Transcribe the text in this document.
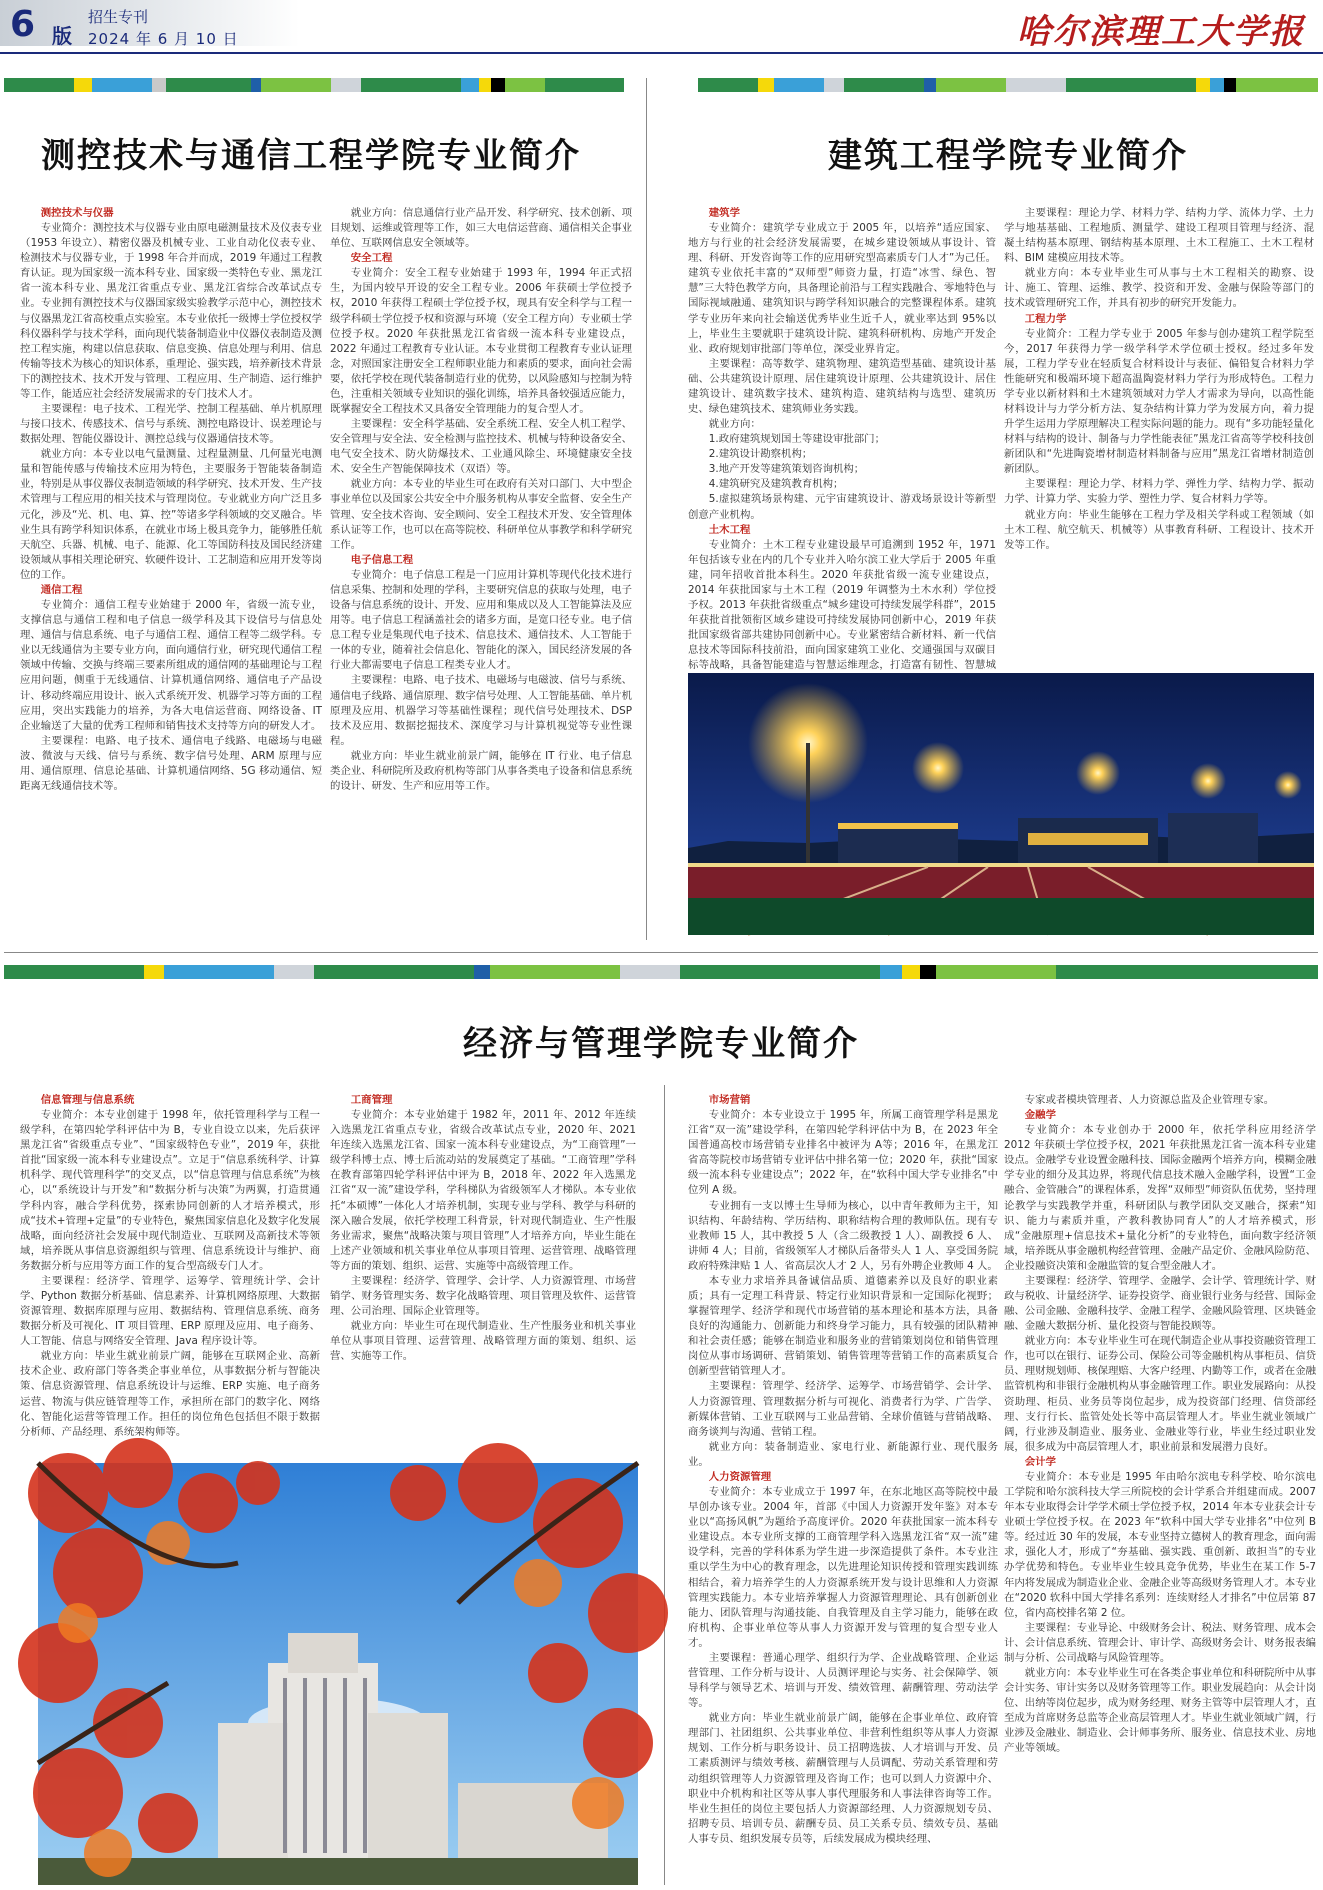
6 版
招生专刊
2024 年 6 月 10 日	哈尔滨理工大学报
测控技术与通信工程学院专业简介

测控技术与仪器

专业简介：测控技术与仪器专业由原电磁测量技术及仪表专业（1953 年设立）、精密仪器及机械专业、工业自动化仪表专业、检测技术与仪器专业，于 1998 年合并而成，2019 年通过工程教育认证。现为国家级一流本科专业、国家级一类特色专业、黑龙江省一流本科专业、黑龙江省重点专业、黑龙江省综合改革试点专业。专业拥有测控技术与仪器国家级实验教学示范中心，测控技术与仪器黑龙江省高校重点实验室。本专业依托一级博士学位授权学科仪器科学与技术学科，面向现代装备制造业中仪器仪表制造及测控工程实施，构建以信息获取、信息变换、信息处理与利用、信息传输等技术为核心的知识体系，重理论、强实践，培养新技术背景下的测控技术、技术开发与管理、工程应用、生产制造、运行维护等工作，能适应社会经济发展需求的专门技术人才。

主要课程：电子技术、工程光学、控制工程基础、单片机原理与接口技术、传感技术、信号与系统、测控电路设计、误差理论与数据处理、智能仪器设计、测控总线与仪器通信技术等。

就业方向：本专业以电气量测量、过程量测量、几何量光电测量和智能传感与传输技术应用为特色，主要服务于智能装备制造业，特别是从事仪器仪表制造领域的科学研究、技术开发、生产技术管理与工程应用的相关技术与管理岗位。专业就业方向广泛且多元化，涉及“光、机、电、算、控”等诸多学科领域的交叉融合。毕业生具有跨学科知识体系，在就业市场上极具竞争力，能够胜任航天航空、兵器、机械、电子、能源、化工等国防科技及国民经济建设领域从事相关理论研究、软硬件设计、工艺制造和应用开发等岗位的工作。

通信工程

专业简介：通信工程专业始建于 2000 年，省级一流专业，支撑信息与通信工程和电子信息一级学科及其下设信号与信息处理、通信与信息系统、电子与通信工程、通信工程等二级学科。专业以无线通信为主要专业方向，面向通信行业，研究现代通信工程领域中传输、交换与终端三要素所组成的通信网的基础理论与工程应用问题，侧重于无线通信、计算机通信网络、通信电子产品设计、移动终端应用设计、嵌入式系统开发、机器学习等方面的工程应用，突出实践能力的培养，为各大电信运营商、网络设备、IT 企业输送了大量的优秀工程师和销售技术支持等方向的研发人才。

主要课程：电路、电子技术、通信电子线路、电磁场与电磁波、微波与天线、信号与系统、数字信号处理、ARM 原理与应用、通信原理、信息论基础、计算机通信网络、5G 移动通信、短距离无线通信技术等。

就业方向：信息通信行业产品开发、科学研究、技术创新、项目规划、运维或管理等工作，如三大电信运营商、通信相关企事业单位、互联网信息安全领域等。

安全工程

专业简介：安全工程专业始建于 1993 年，1994 年正式招生，为国内较早开设的安全工程专业。2006 年获硕士学位授予权，2010 年获得工程硕士学位授予权，现具有安全科学与工程一级学科硕士学位授予权和资源与环境（安全工程方向）专业硕士学位授予权。2020 年获批黑龙江省省级一流本科专业建设点，2022 年通过工程教育专业认证。本专业贯彻工程教育专业认证理念，对照国家注册安全工程师职业能力和素质的要求，面向社会需要，依托学校在现代装备制造行业的优势，以风险感知与控制为特色，注重相关领域专业知识的强化训练，培养具备较强适应能力，既掌握安全工程技术又具备安全管理能力的复合型人才。

主要课程：安全科学基础、安全系统工程、安全人机工程学、安全管理与安全法、安全检测与监控技术、机械与特种设备安全、电气安全技术、防火防爆技术、工业通风除尘、环境健康安全技术、安全生产智能保障技术（双语）等。

就业方向：本专业的毕业生可在政府有关对口部门、大中型企事业单位以及国家公共安全中介服务机构从事安全监督、安全生产管理、安全技术咨询、安全顾问、安全工程技术开发、安全管理体系认证等工作，也可以在高等院校、科研单位从事教学和科学研究工作。

电子信息工程

专业简介：电子信息工程是一门应用计算机等现代化技术进行信息采集、控制和处理的学科，主要研究信息的获取与处理，电子设备与信息系统的设计、开发、应用和集成以及人工智能算法及应用等。电子信息工程涵盖社会的诸多方面，是宽口径专业。电子信息工程专业是集现代电子技术、信息技术、通信技术、人工智能于一体的专业，随着社会信息化、智能化的深入，国民经济发展的各行业大都需要电子信息工程类专业人才。

主要课程：电路、电子技术、电磁场与电磁波、信号与系统、通信电子线路、通信原理、数字信号处理、人工智能基础、单片机原理及应用、机器学习等基础性课程；现代信号处理技术、DSP 技术及应用、数据挖掘技术、深度学习与计算机视觉等专业性课程。

就业方向：毕业生就业前景广阔，能够在 IT 行业、电子信息类企业、科研院所及政府机构等部门从事各类电子设备和信息系统的设计、研发、生产和应用等工作。

建筑工程学院专业简介

建筑学

专业简介：建筑学专业成立于 2005 年，以培养“适应国家、地方与行业的社会经济发展需要，在城乡建设领域从事设计、管理、科研、开发咨询等工作的应用研究型高素质专门人才”为己任。建筑专业依托丰富的“双师型”师资力量，打造“冰雪、绿色、智慧”三大特色教学方向，具备理论前沿与工程实践融合、零地特色与国际视域融通、建筑知识与跨学科知识融合的完整课程体系。建筑学专业历年来向社会输送优秀毕业生近千人，就业率达到 95%以上，毕业生主要就职于建筑设计院、建筑科研机构、房地产开发企业、政府规划审批部门等单位，深受业界肯定。

主要课程：高等数学、建筑物理、建筑造型基础、建筑设计基础、公共建筑设计原理、居住建筑设计原理、公共建筑设计、居住建筑设计、建筑数字技术、建筑构造、建筑结构与选型、建筑历史、绿色建筑技术、建筑师业务实践。

就业方向：

1.政府建筑规划国土等建设审批部门；

2.建筑设计勘察机构；

3.地产开发等建筑策划咨询机构；

4.建筑研究及建筑教育机构；

5.虚拟建筑场景构建、元宇宙建筑设计、游戏场景设计等新型创意产业机构。

土木工程

专业简介：土木工程专业建设最早可追溯到 1952 年，1971 年包括该专业在内的几个专业并入哈尔滨工业大学后于 2005 年重建，同年招收首批本科生。2020 年获批省级一流专业建设点，2014 年获批国家与土木工程（2019 年调整为土木水利）学位授予权。2013 年获批省级重点“城乡建设可持续发展学科群”，2015 年获批首批领衔区域乡建设可持续发展协同创新中心，2019 年获批国家级省部共建协同创新中心。专业紧密结合新材料、新一代信息技术等国际科技前沿，面向国家建筑工业化、交通强国与双碳目标等战略，具备智能建造与智慧运维理念，打造富有韧性、智慧城

主要课程：理论力学、材料力学、结构力学、流体力学、土力学与地基基础、工程地质、测量学、建设工程项目管理与经济、混凝土结构基本原理、钢结构基本原理、土木工程施工、土木工程材料、BIM 建模应用技术等。

就业方向：本专业毕业生可从事与土木工程相关的勘察、设计、施工、管理、运维、教学、投资和开发、金融与保险等部门的技术或管理研究工作，并具有初步的研究开发能力。

工程力学

专业简介：工程力学专业于 2005 年参与创办建筑工程学院至今，2017 年获得力学一级学科学术学位硕士授权。经过多年发展，工程力学专业在轻质复合材料设计与表征、偏铅复合材料力学性能研究和极端环境下超高温陶瓷材料力学行为形成特色。工程力学专业以新材料和土木建筑领域对力学人才需求为导向，以高性能材料设计与力学分析方法、复杂结构计算力学为发展方向，着力提升学生运用力学原理解决工程实际问题的能力。现有“多功能轻量化材料与结构的设计、制备与力学性能表征”黑龙江省高等学校科技创新团队和“先进陶瓷增材制造材料制备与应用”黑龙江省增材制造创新团队。

主要课程：理论力学、材料力学、弹性力学、结构力学、振动力学、计算力学、实验力学、塑性力学、复合材料力学等。

就业方向：毕业生能够在工程力学及相关学科或工程领域（如土木工程、航空航天、机械等）从事教育科研、工程设计、技术开发等工作。

经济与管理学院专业简介

信息管理与信息系统

专业简介：本专业创建于 1998 年，依托管理科学与工程一级学科，在第四轮学科评估中为 B，专业自设立以来，先后获评黑龙江省“省级重点专业”、“国家级特色专业”，2019 年，获批首批“国家级一流本科专业建设点”。立足于“信息系统科学、计算机科学、现代管理科学”的交叉点，以“信息管理与信息系统”为核心，以“系统设计与开发”和“数据分析与决策”为两翼，打造贯通学科内容，融合学科优势，探索协同创新的人才培养模式，形成“技术+管理+定量”的专业特色，聚焦国家信息化及数字化发展战略，面向经济社会发展中现代制造业、互联网及高新技术等领域，培养既从事信息资源组织与管理、信息系统设计与维护、商务数据分析与应用等方面工作的复合型高级专门人才。

主要课程：经济学、管理学、运筹学、管理统计学、会计学、Python 数据分析基础、信息素养、计算机网络原理、大数据资源管理、数据库原理与应用、数据结构、管理信息系统、商务数据分析及可视化、IT 项目管理、ERP 原理及应用、电子商务、人工智能、信息与网络安全管理、Java 程序设计等。

就业方向：毕业生就业前景广阔，能够在互联网企业、高新技术企业、政府部门等各类企事业单位，从事数据分析与智能决策、信息资源管理、信息系统设计与运维、ERP 实施、电子商务运营、物流与供应链管理等工作，承担所在部门的数字化、网络化、智能化运营等管理工作。担任的岗位角色包括但不限于数据分析师、产品经理、系统架构师等。

工商管理

专业简介：本专业始建于 1982 年，2011 年、2012 年连续入选黑龙江省重点专业，省级合改革试点专业，2020 年、2021 年连续入选黑龙江省、国家一流本科专业建设点，为“工商管理”一级学科博士点、博士后流动站的发展奠定了基础。“工商管理”学科在教育部第四轮学科评估中评为 B，2018 年、2022 年入选黑龙江省“双一流”建设学科，学科梯队为省级领军人才梯队。本专业依托“本硕博”一体化人才培养机制，实现专业与学科、教学与科研的深入融合发展，依托学校理工科背景，针对现代制造业、生产性服务业需求，聚焦“战略决策与项目管理”人才培养方向，毕业生能在上述产业领域和机关事业单位从事项目管理、运营管理、战略管理等方面的策划、组织、运营、实施等中高级管理工作。

主要课程：经济学、管理学、会计学、人力资源管理、市场营销学、财务管理实务、数字化战略管理、项目管理及软件、运营管理、公司治理、国际企业管理等。

就业方向：毕业生可在现代制造业、生产性服务业和机关事业单位从事项目管理、运营管理、战略管理方面的策划、组织、运营、实施等工作。

市场营销

专业简介：本专业设立于 1995 年，所属工商管理学科是黑龙江省“双一流”建设学科，在第四轮学科评估中为 B，在 2023 年全国普通高校市场营销专业排名中被评为 A等；2016 年，在黑龙江省高等院校市场营销专业评估中排名第一位；2020 年，获批“国家级一流本科专业建设点”；2022 年，在“软科中国大学专业排名”中位列 A 级。

专业拥有一支以博士生导师为核心，以中青年教师为主干，知识结构、年龄结构、学历结构、职称结构合理的教师队伍。现有专业教师 15 人，其中教授 5 人（含二级教授 1 人）、副教授 6 人、讲师 4 人；目前，省级领军人才梯队后备带头人 1 人、享受国务院政府特殊津贴 1 人、省高层次人才 2 人，另有外聘企业教师 4 人。

本专业力求培养具备诚信品质、道德素养以及良好的职业素质；具有一定理工科背景、特定行业知识背景和一定国际化视野；掌握管理学、经济学和现代市场营销的基本理论和基本方法，具备良好的沟通能力、创新能力和终身学习能力，具有较强的团队精神和社会责任感；能够在制造业和服务业的营销策划岗位和销售管理岗位从事市场调研、营销策划、销售管理等营销工作的高素质复合创新型营销管理人才。

主要课程：管理学、经济学、运筹学、市场营销学、会计学、人力资源管理、管理数据分析与可视化、消费者行为学、广告学、新媒体营销、工业互联网与工业品营销、全球价值链与营销战略、商务谈判与沟通、营销工程。

就业方向：装备制造业、家电行业、新能源行业、现代服务业。

人力资源管理

专业简介：本专业成立于 1997 年，在东北地区高等院校中最早创办该专业。2004 年，首部《中国人力资源开发年鉴》对本专业以“高扬风帆”为题给予高度评价。2020 年获批国家一流本科专业建设点。本专业所支撑的工商管理学科入选黑龙江省“双一流”建设学科，完善的学科体系为学生进一步深造提供了条件。本专业注重以学生为中心的教育理念，以先进理论知识传授和管理实践训练相结合，着力培养学生的人力资源系统开发与设计思维和人力资源管理实践能力。本专业培养掌握人力资源管理理论、具有创新创业能力、团队管理与沟通技能、自我管理及自主学习能力，能够在政府机构、企事业单位等从事人力资源开发与管理的复合型专业人才。

主要课程：普通心理学、组织行为学、企业战略管理、企业运营管理、工作分析与设计、人员测评理论与实务、社会保障学、领导科学与领导艺术、培训与开发、绩效管理、薪酬管理、劳动法学等。

就业方向：毕业生就业前景广阔，能够在企事业单位、政府管理部门、社团组织、公共事业单位、非营利性组织等从事人力资源规划、工作分析与职务设计、员工招聘选拔、人才培训与开发、员工素质测评与绩效考核、薪酬管理与人员调配、劳动关系管理和劳动组织管理等人力资源管理及咨询工作；也可以到人力资源中介、职业中介机构和社区等从事人事代理服务和人事法律咨询等工作。毕业生担任的岗位主要包括人力资源部经理、人力资源规划专员、招聘专员、培训专员、薪酬专员、员工关系专员、绩效专员、基础人事专员、组织发展专员等，后续发展成为模块经理、

专家或者模块管理者、人力资源总监及企业管理专家。

金融学

专业简介：本专业创办于 2000 年，依托学科应用经济学 2012 年获硕士学位授予权，2021 年获批黑龙江省一流本科专业建设点。金融学专业设置金融科技、国际金融两个培养方向，模糊金融学专业的细分及其边界，将现代信息技术融入金融学科，设置“工金融合、金管融合”的课程体系，发挥“双师型”师资队伍优势，坚持理论教学与实践教学并重，科研团队与教学团队交叉融合，探索“知识、能力与素质并重，产教科教协同育人”的人才培养模式，形成“金融原理+信息技术+量化分析”的专业特色，面向数字经济领域，培养既从事金融机构经营管理、金融产品定价、金融风险防范、企业投融资决策和金融监管的复合型金融人才。

主要课程：经济学、管理学、金融学、会计学、管理统计学、财政与税收、计量经济学、证券投资学、商业银行业务与经营、国际金融、公司金融、金融科技学、金融工程学、金融风险管理、区块链金融、金融大数据分析、量化投资与智能投顾等。

就业方向：本专业毕业生可在现代制造企业从事投资融资管理工作，也可以在银行、证券公司、保险公司等金融机构从事柜员、信贷员、理财规划师、核保理赔、大客户经理、内勤等工作，或者在金融监管机构和非银行金融机构从事金融管理工作。职业发展路向：从投资助理、柜员、业务员等岗位起步，成为投资部门经理、信贷部经理、支行行长、监管处处长等中高层管理人才。毕业生就业领域广阔，行业涉及制造业、服务业、金融业等行业，毕业生经过职业发展，很多成为中高层管理人才，职业前景和发展潜力良好。

会计学

专业简介：本专业是 1995 年由哈尔滨电专科学校、哈尔滨电工学院和哈尔滨科技大学三所院校的会计学系合并组建而成。2007 年本专业取得会计学学术硕士学位授予权，2014 年本专业获会计专业硕士学位授予权。在 2023 年“软科中国大学专业排名”中位列 B 等。经过近 30 年的发展，本专业坚持立德树人的教育理念，面向需求，强化人才，形成了“夯基础、强实践、重创新、敢担当”的专业办学优势和特色。专业毕业生较具竞争优势，毕业生在某工作 5-7 年内将发展成为制造业企业、金融企业等高级财务管理人才。本专业在“2020 软科中国大学排名系列：连续财经人才排名”中位居第 87 位，省内高校排名第 2 位。

主要课程：专业导论、中级财务会计、税法、财务管理、成本会计、会计信息系统、管理会计、审计学、高级财务会计、财务报表编制与分析、公司战略与风险管理等。

就业方向：本专业毕业生可在各类企事业单位和科研院所中从事会计实务、审计实务以及财务管理等工作。职业发展趋向：从会计岗位、出纳等岗位起步，成为财务经理、财务主管等中层管理人才，直至成为首席财务总监等企业高层管理人才。毕业生就业领域广阔，行业涉及金融业、制造业、会计师事务所、服务业、信息技术业、房地产业等领域。
